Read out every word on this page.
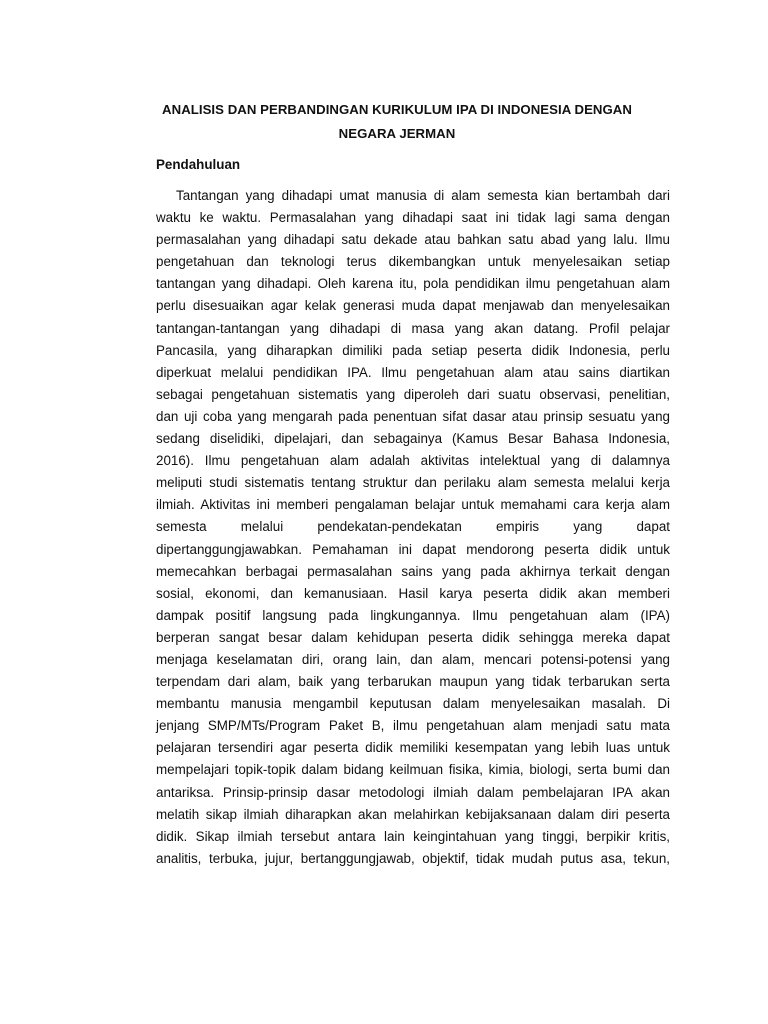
ANALISIS DAN PERBANDINGAN KURIKULUM IPA DI INDONESIA DENGAN
NEGARA JERMAN
Pendahuluan
Tantangan yang dihadapi umat manusia di alam semesta kian bertambah dari
waktu ke waktu. Permasalahan yang dihadapi saat ini tidak lagi sama dengan
permasalahan yang dihadapi satu dekade atau bahkan satu abad yang lalu. Ilmu
pengetahuan dan teknologi terus dikembangkan untuk menyelesaikan setiap
tantangan yang dihadapi. Oleh karena itu, pola pendidikan ilmu pengetahuan alam
perlu disesuaikan agar kelak generasi muda dapat menjawab dan menyelesaikan
tantangan-tantangan yang dihadapi di masa yang akan datang. Profil pelajar
Pancasila, yang diharapkan dimiliki pada setiap peserta didik Indonesia, perlu
diperkuat melalui pendidikan IPA. Ilmu pengetahuan alam atau sains diartikan
sebagai pengetahuan sistematis yang diperoleh dari suatu observasi, penelitian,
dan uji coba yang mengarah pada penentuan sifat dasar atau prinsip sesuatu yang
sedang diselidiki, dipelajari, dan sebagainya (Kamus Besar Bahasa Indonesia,
2016). Ilmu pengetahuan alam adalah aktivitas intelektual yang di dalamnya
meliputi studi sistematis tentang struktur dan perilaku alam semesta melalui kerja
ilmiah. Aktivitas ini memberi pengalaman belajar untuk memahami cara kerja alam
semesta melalui pendekatan-pendekatan empiris yang dapat
dipertanggungjawabkan. Pemahaman ini dapat mendorong peserta didik untuk
memecahkan berbagai permasalahan sains yang pada akhirnya terkait dengan
sosial, ekonomi, dan kemanusiaan. Hasil karya peserta didik akan memberi
dampak positif langsung pada lingkungannya. Ilmu pengetahuan alam (IPA)
berperan sangat besar dalam kehidupan peserta didik sehingga mereka dapat
menjaga keselamatan diri, orang lain, dan alam, mencari potensi-potensi yang
terpendam dari alam, baik yang terbarukan maupun yang tidak terbarukan serta
membantu manusia mengambil keputusan dalam menyelesaikan masalah. Di
jenjang SMP/MTs/Program Paket B, ilmu pengetahuan alam menjadi satu mata
pelajaran tersendiri agar peserta didik memiliki kesempatan yang lebih luas untuk
mempelajari topik-topik dalam bidang keilmuan fisika, kimia, biologi, serta bumi dan
antariksa. Prinsip-prinsip dasar metodologi ilmiah dalam pembelajaran IPA akan
melatih sikap ilmiah diharapkan akan melahirkan kebijaksanaan dalam diri peserta
didik. Sikap ilmiah tersebut antara lain keingintahuan yang tinggi, berpikir kritis,
analitis, terbuka, jujur, bertanggungjawab, objektif, tidak mudah putus asa, tekun,
